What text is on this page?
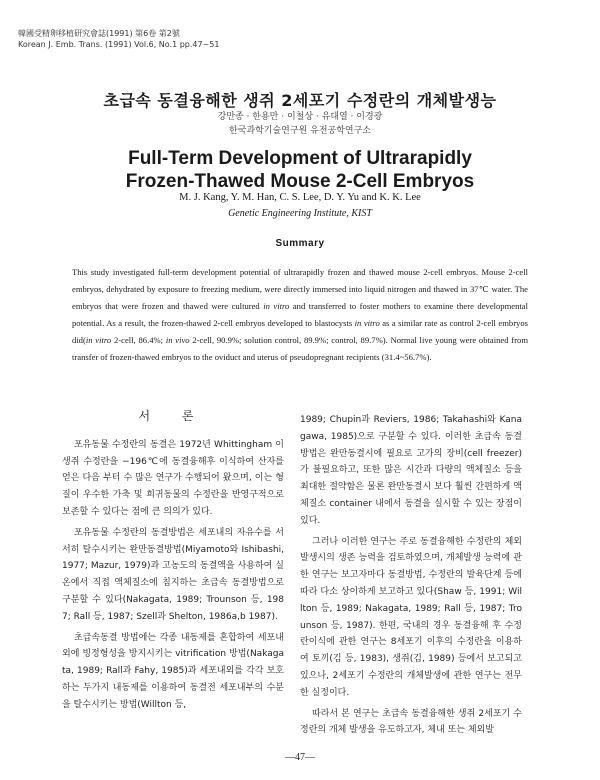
韓國受精卵移植研究會誌(1991) 第6卷 第2號
Korean J. Emb. Trans. (1991) Vol.6, No.1 pp.47~51
초급속 동결융해한 생쥐 2세포기 수정란의 개체발생능
강만종 · 한용만 · 이철상 · 유대열 · 이경광
한국과학기술연구원 유전공학연구소
Full-Term Development of Ultrarapidly
Frozen-Thawed Mouse 2-Cell Embryos
M. J. Kang, Y. M. Han, C. S. Lee, D. Y. Yu and K. K. Lee
Genetic Engineering Institute, KIST
Summary

This study investigated full-term development potential of ultrarapidly frozen and thawed mouse 2-cell embryos. Mouse 2-cell embryos, dehydrated by exposure to freezing medium, were directly immersed into liquid nitrogen and thawed in 37℃ water. The embryos that were frozen and thawed were cultured in vitro and transferred to foster mothers to examine there developmental potential. As a result, the frozen-thawed 2-cell embryos developed to blastocysts in vitro as a similar rate as control 2-cell embryos did(in vitro 2-cell, 86.4%; in vivo 2-cell, 90.9%; solution control, 89.9%; control, 89.7%). Normal live young were obtained from transfer of frozen-thawed embryos to the oviduct and uterus of pseudopregnant recipients (31.4~56.7%).

서 론

포유동물 수정란의 동결은 1972년 Whittingham 이 생쥐 수정란을 −196℃에 동결융해후 이식하여 산자를 얻은 다음 부터 수 많은 연구가 수행되어 왔으며, 이는 형질이 우수한 가축 및 희귀동물의 수정란을 반영구적으로 보존할 수 있다는 점에 큰 의의가 있다.

포유동물 수정란의 동결방법은 세포내의 자유수를 서서히 탈수시키는 완만동결방법(Miyamoto와 Ishibashi, 1977; Mazur, 1979)과 고농도의 동결액을 사용하여 실온에서 직접 액체질소에 침지하는 초급속 동결방법으로 구분할 수 있다(Nakagata, 1989; Trounson 등, 1987; Rall 등, 1987; Szell과 Shelton, 1986a,b 1987).

초급속동결 방법에는 각종 내동제를 혼합하여 세포내외에 빙정형성을 방지시키는 vitrification 방법(Nakagata, 1989; Rall과 Fahy, 1985)과 세포내외를 각각 보호하는 두가지 내동제를 이용하여 동결전 세포내부의 수분을 탈수시키는 방법(Willton 등,

1989; Chupin과 Reviers, 1986; Takahashi와 Kanagawa, 1985)으로 구분할 수 있다. 이러한 초급속 동결방법은 완만동결시에 필요로 고가의 장비(cell freezer)가 불필요하고, 또한 많은 시간과 다량의 액체질소 등을 최대한 절약함은 물론 완만동결시 보다 훨씬 간편하게 액체질소 container 내에서 동결을 실시할 수 있는 장점이 있다.

그러나 이러한 연구는 주로 동결융해한 수정란의 체외 발생시의 생존 능력을 검토하였으며, 개체발생 능력에 관한 연구는 보고자마다 동결방법, 수정란의 발육단계 등에 따라 다소 상이하게 보고하고 있다(Shaw 등, 1991; Willton 등, 1989; Nakagata, 1989; Rall 등, 1987; Trounson 등, 1987). 한편, 국내의 경우 동결융해 후 수정란이식에 관한 연구는 8세포기 이후의 수정란을 이용하여 토끼(김 등, 1983), 생쥐(김, 1989) 등에서 보고되고 있으나, 2세포기 수정란의 개체발생에 관한 연구는 전무한 실정이다.

따라서 본 연구는 초급속 동결융해한 생쥐 2세포기 수정란의 개체 발생을 유도하고자, 체내 또는 체외발

—47—
